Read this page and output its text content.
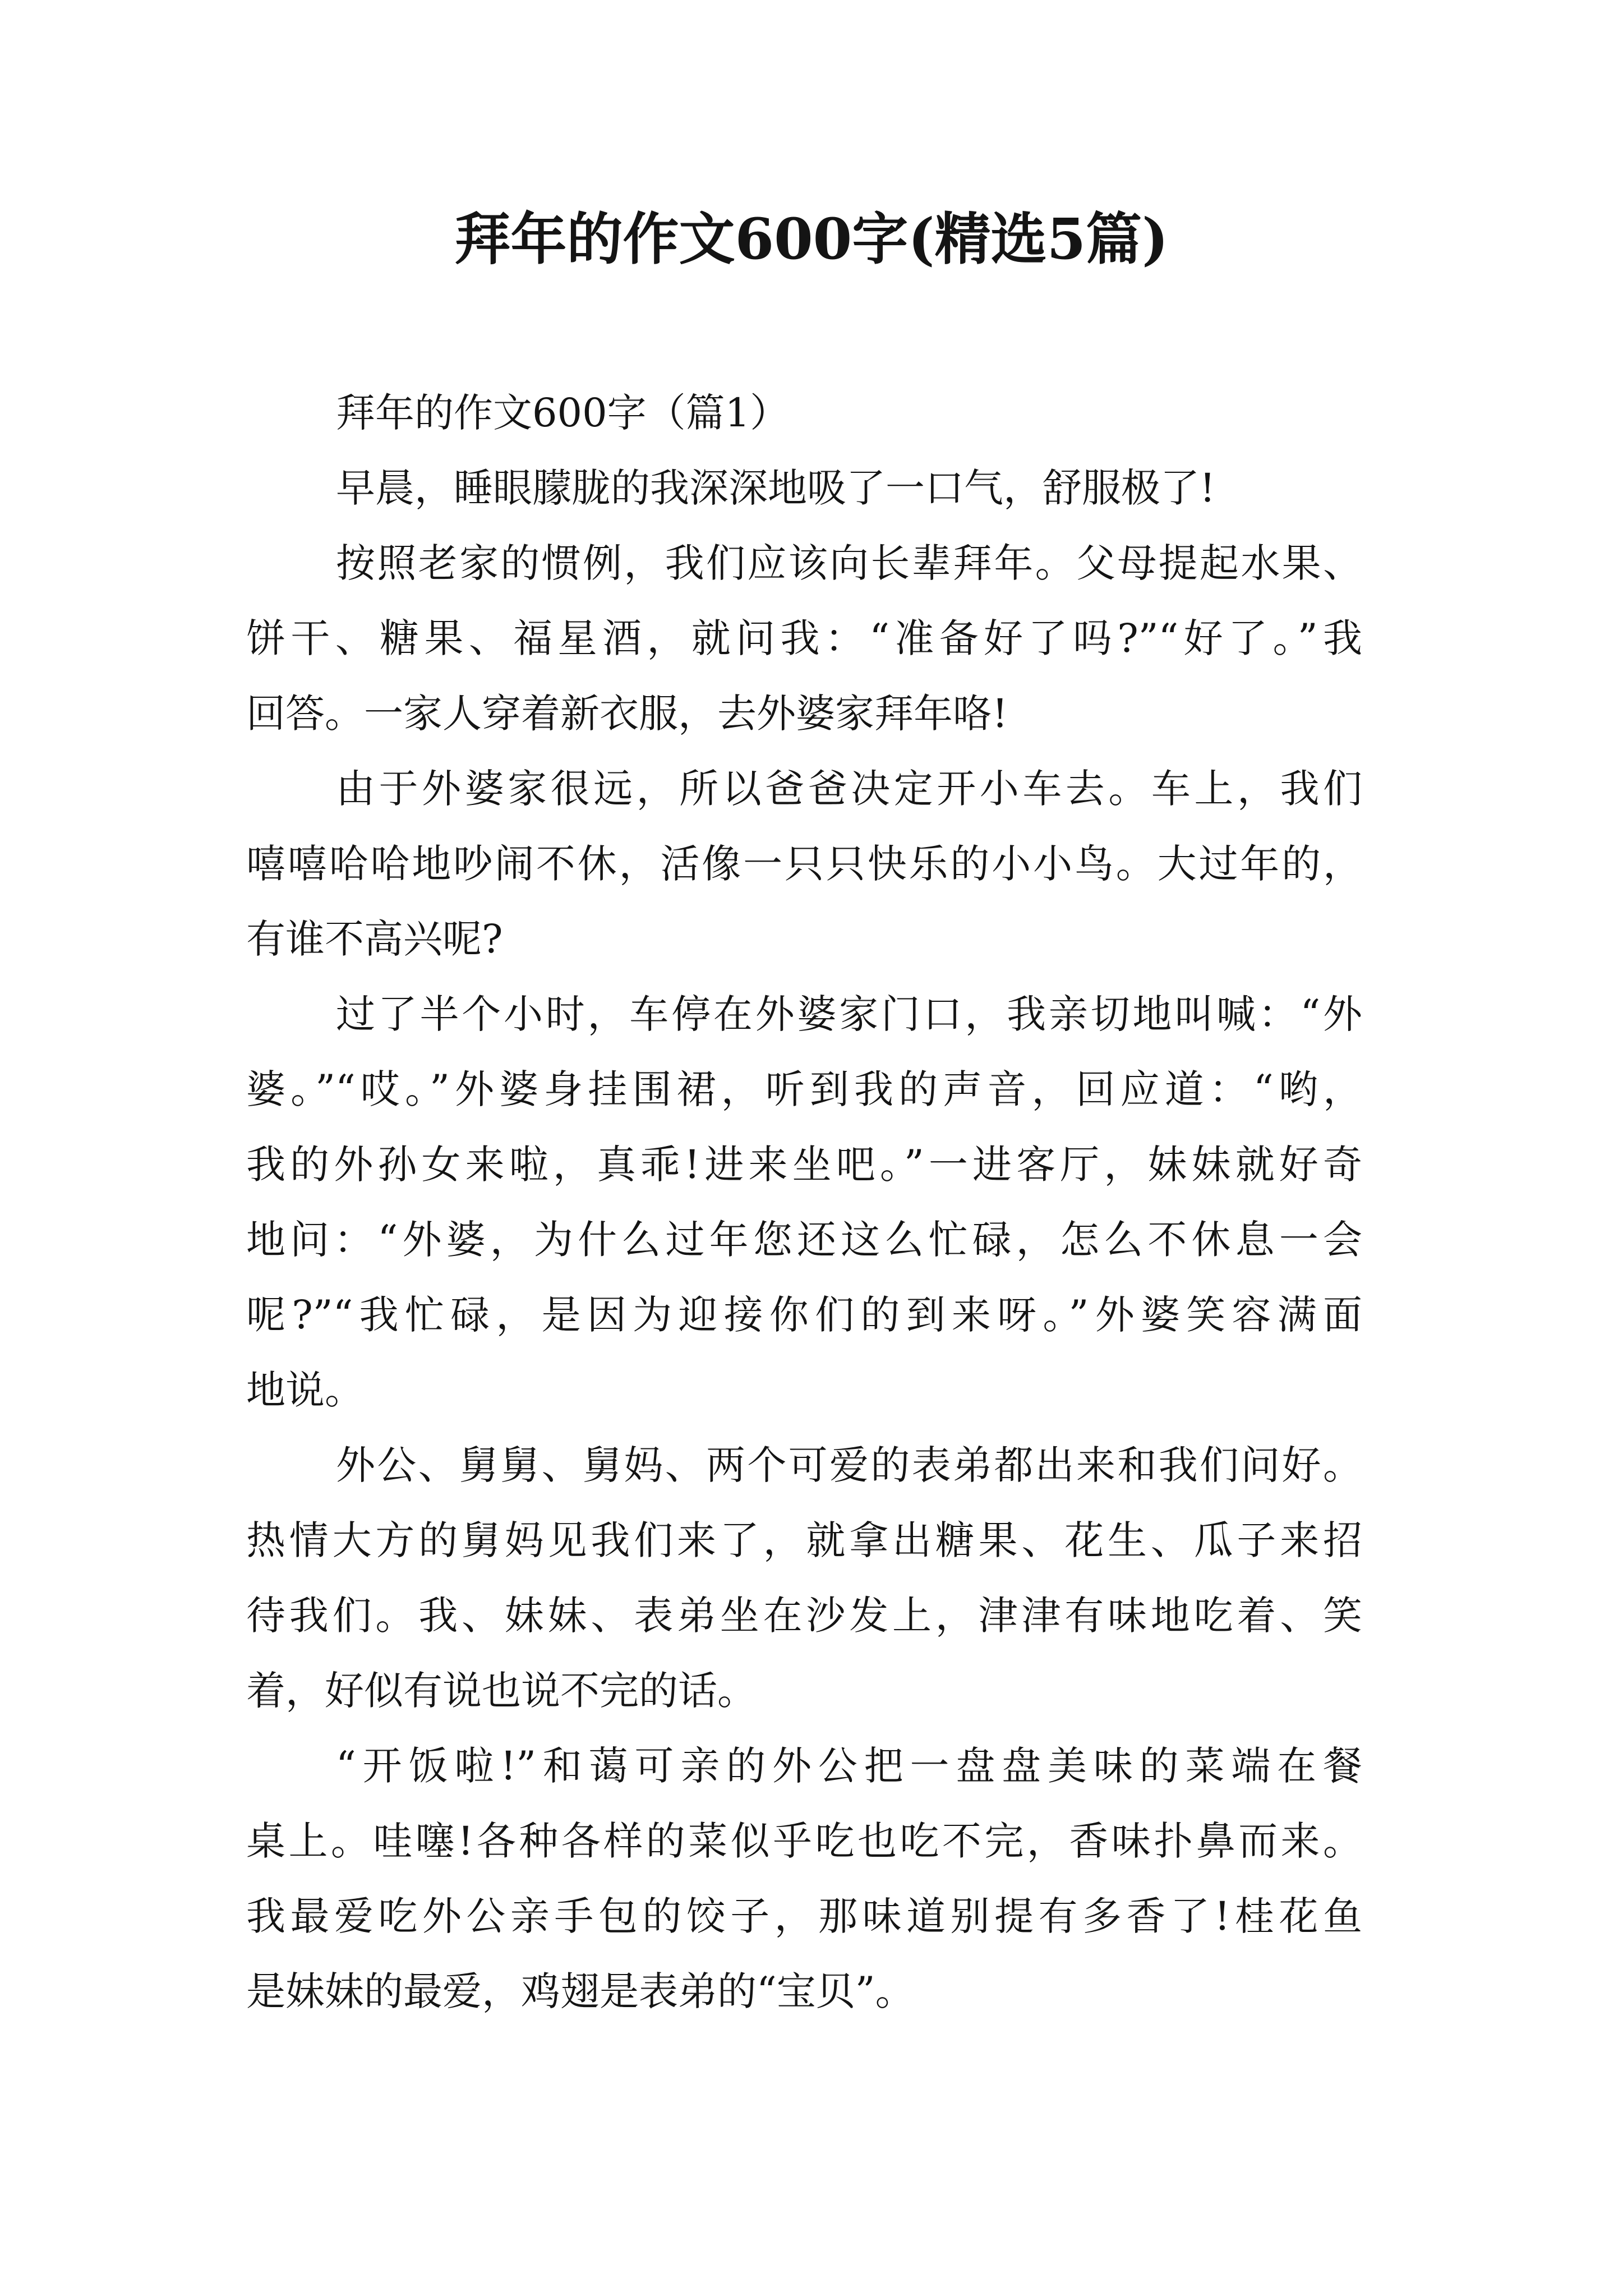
拜年的作文600字(精选5篇)
拜年的作文600字（篇1）
早晨，睡眼朦胧的我深深地吸了一口气，舒服极了!
按照老家的惯例，我们应该向长辈拜年。父母提起水果、
饼干、糖果、福星酒，就问我：“准备好了吗?”“好了。”我
回答。一家人穿着新衣服，去外婆家拜年咯!
由于外婆家很远，所以爸爸决定开小车去。车上，我们
嘻嘻哈哈地吵闹不休，活像一只只快乐的小小鸟。大过年的，
有谁不高兴呢?
过了半个小时，车停在外婆家门口，我亲切地叫喊：“外
婆。”“哎。”外婆身挂围裙，听到我的声音，回应道：“哟，
我的外孙女来啦，真乖!进来坐吧。”一进客厅，妹妹就好奇
地问：“外婆，为什么过年您还这么忙碌，怎么不休息一会
呢?”“我忙碌，是因为迎接你们的到来呀。”外婆笑容满面
地说。
外公、舅舅、舅妈、两个可爱的表弟都出来和我们问好。
热情大方的舅妈见我们来了，就拿出糖果、花生、瓜子来招
待我们。我、妹妹、表弟坐在沙发上，津津有味地吃着、笑
着，好似有说也说不完的话。
“开饭啦!”和蔼可亲的外公把一盘盘美味的菜端在餐
桌上。哇噻!各种各样的菜似乎吃也吃不完，香味扑鼻而来。
我最爱吃外公亲手包的饺子，那味道别提有多香了!桂花鱼
是妹妹的最爱，鸡翅是表弟的“宝贝”。
